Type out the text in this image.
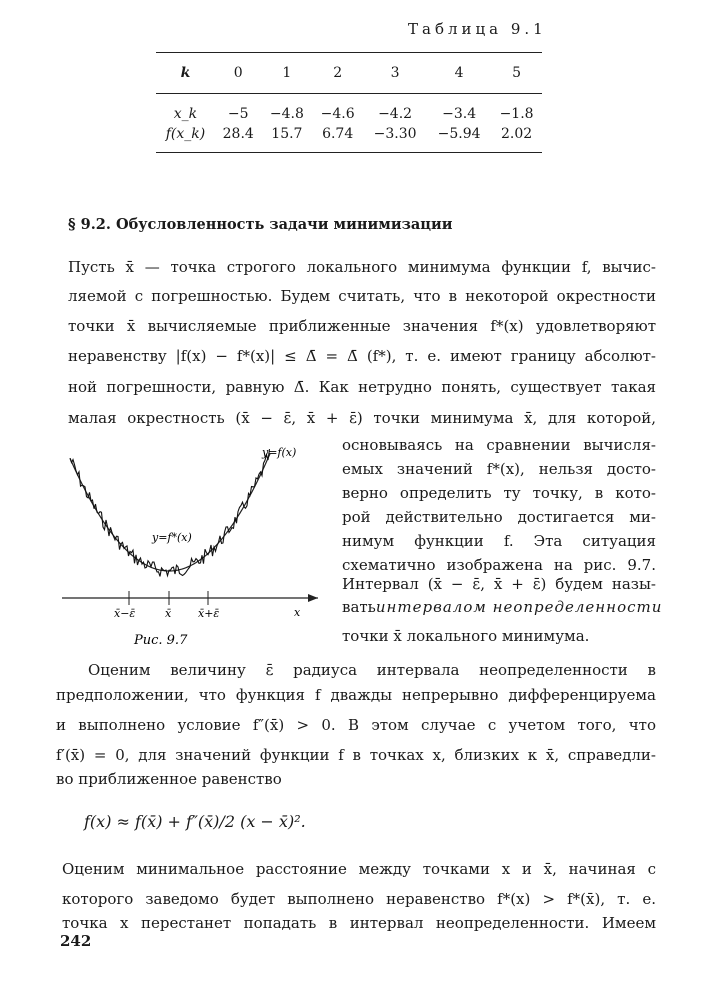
Таблица 9.1
k	0	1	2	3	4	5
x_k	−5	−4.8	−4.6	−4.2	−3.4	−1.8
f(x_k)	28.4	15.7	6.74	−3.30	−5.94	2.02
§ 9.2. Обусловленность задачи минимизации
Пусть x̄ — точка строгого локального минимума функции f, вычис-
ляемой с погрешностью. Будем считать, что в некоторой окрестности
точки x̄ вычисляемые приближенные значения f*(x) удовлетворяют
неравенству |f(x) − f*(x)| ≤ Δ̄ = Δ̄ (f*), т. е. имеют границу абсолют-
ной погрешности, равную Δ̄. Как нетрудно понять, существует такая
малая окрестность (x̄ − ε̄, x̄ + ε̄) точки минимума x̄, для которой,
основываясь на сравнении вычисля-
емых значений f*(x), нельзя досто-
верно определить ту точку, в кото-
рой действительно достигается ми-
нимум функции f. Эта ситуация
схематично изображена на рис. 9.7.
Интервал (x̄ − ε̄, x̄ + ε̄) будем назы-
вать интервалом неопределенности
точки x̄ локального минимума.
y=f(x)
y=f*(x)
x̄−ε̄	x̄ x̄+ε̄	x
Рис. 9.7
Оценим величину ε̄ радиуса интервала неопределенности в
предположении, что функция f дважды непрерывно дифференцируема
и выполнено условие f″(x̄) > 0. В этом случае с учетом того, что
f′(x̄) = 0, для значений функции f в точках x, близких к x̄, справедли-
во приближенное равенство
f(x) ≈ f(x̄) + f″(x̄)/2 (x − x̄)².
Оценим минимальное расстояние между точками x и x̄, начиная с
которого заведомо будет выполнено неравенство f*(x) > f*(x̄), т. е.
точка x перестанет попадать в интервал неопределенности. Имеем
242
